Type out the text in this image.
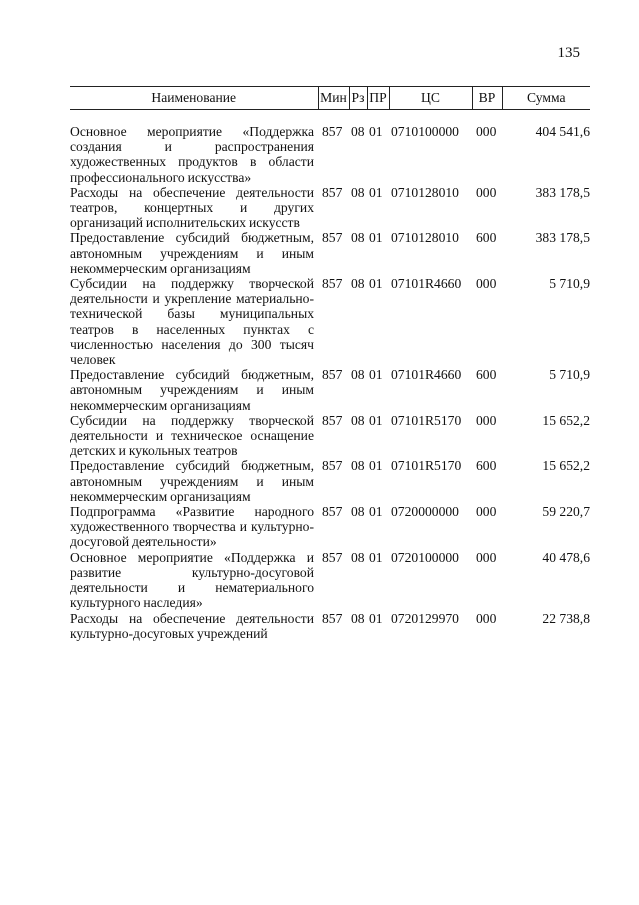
135
Наименование	Мин	Рз	ПР	ЦС	ВР	Сумма

Основное мероприятие «Поддержка создания и распространения художественных продуктов в области профессионального искусства»	857	08	01	0710100000	000	404 541,6
Расходы на обеспечение деятельности театров, концертных и других организаций исполнительских искусств	857	08	01	0710128010	000	383 178,5
Предоставление субсидий бюджетным, автономным учреждениям и иным некоммерческим организациям	857	08	01	0710128010	600	383 178,5
Субсидии на поддержку творческой деятельности и укрепление материально-технической базы муниципальных театров в населенных пунктах с численностью населения до 300 тысяч человек	857	08	01	07101R4660	000	5 710,9
Предоставление субсидий бюджетным, автономным учреждениям и иным некоммерческим организациям	857	08	01	07101R4660	600	5 710,9
Субсидии на поддержку творческой деятельности и техническое оснащение детских и кукольных театров	857	08	01	07101R5170	000	15 652,2
Предоставление субсидий бюджетным, автономным учреждениям и иным некоммерческим организациям	857	08	01	07101R5170	600	15 652,2
Подпрограмма «Развитие народного художественного творчества и культурно-досуговой деятельности»	857	08	01	0720000000	000	59 220,7
Основное мероприятие «Поддержка и развитие культурно-досуговой деятельности и нематериального культурного наследия»	857	08	01	0720100000	000	40 478,6
Расходы на обеспечение деятельности культурно-досуговых учреждений	857	08	01	0720129970	000	22 738,8
